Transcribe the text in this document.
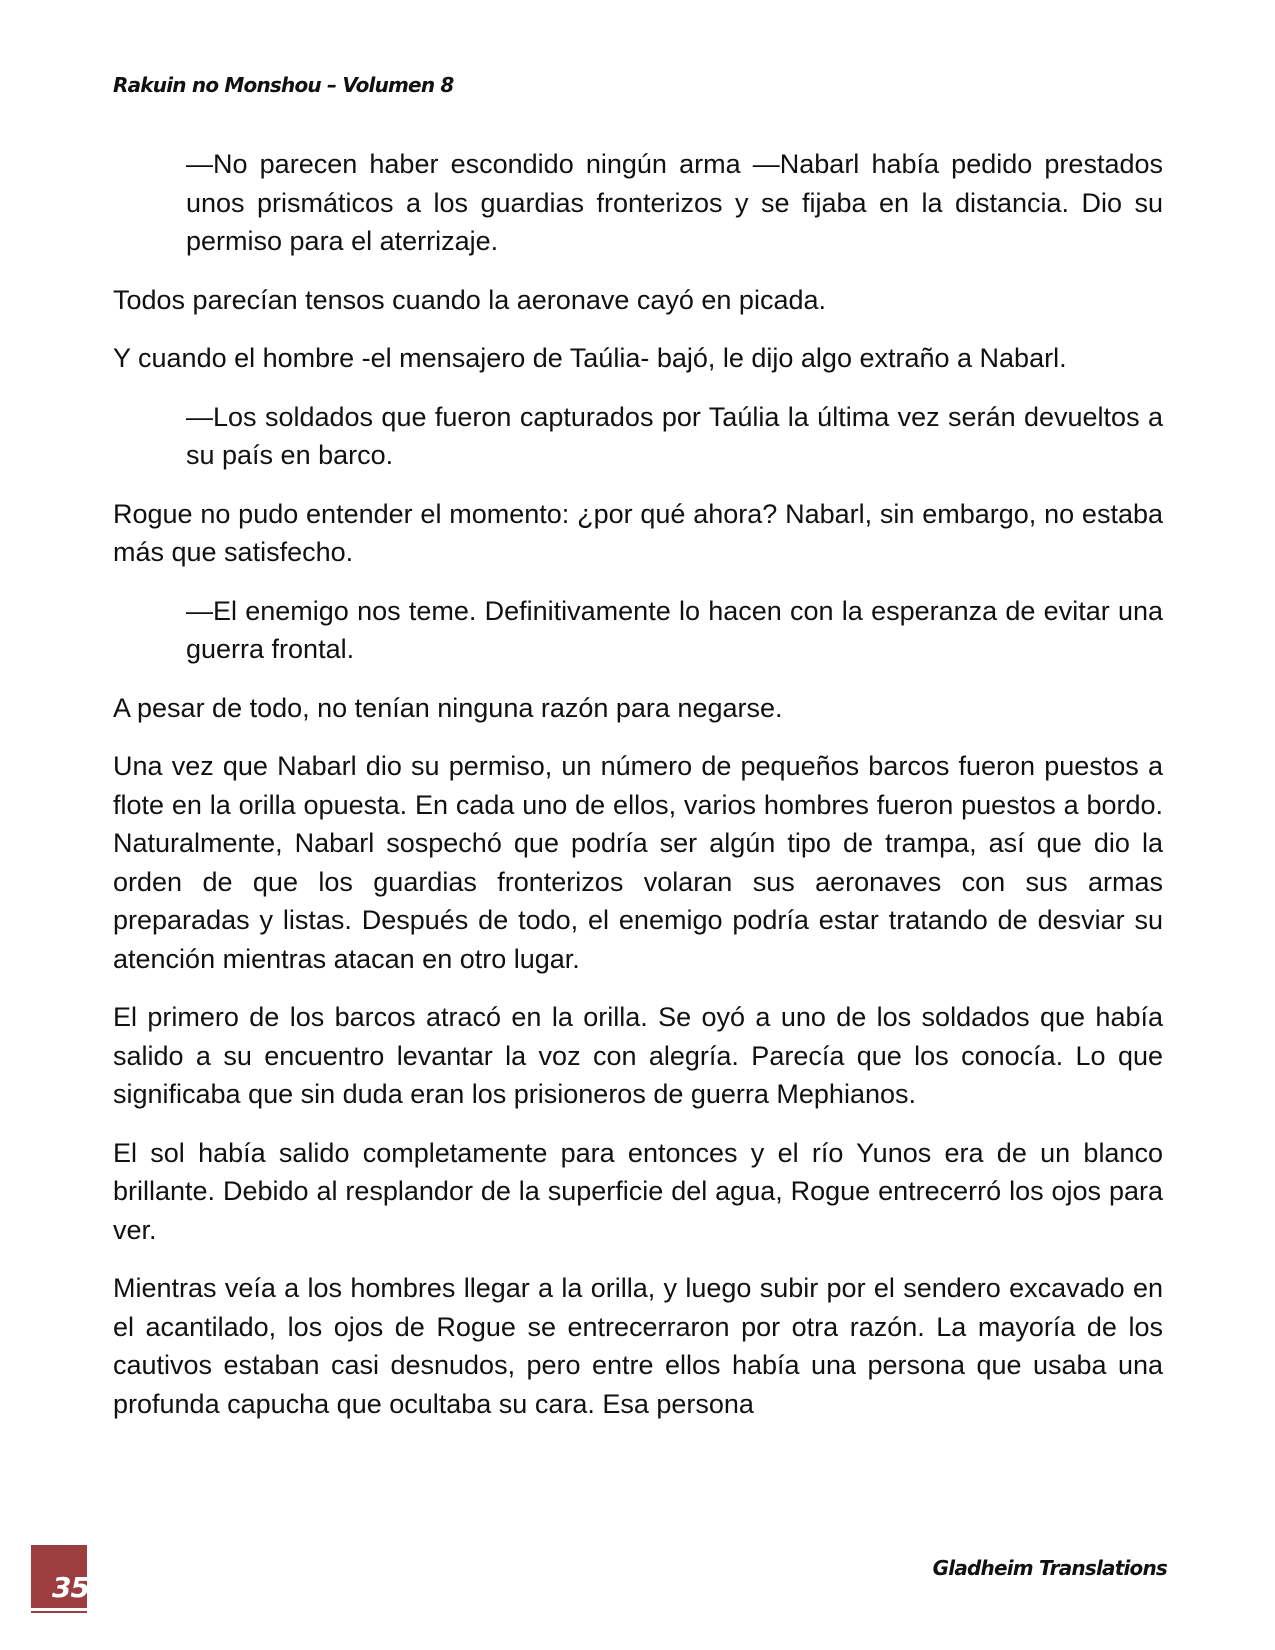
Rakuin no Monshou – Volumen 8

—No parecen haber escondido ningún arma —Nabarl había pedido prestados unos prismáticos a los guardias fronterizos y se fijaba en la distancia. Dio su permiso para el aterrizaje.

Todos parecían tensos cuando la aeronave cayó en picada.

Y cuando el hombre -el mensajero de Taúlia- bajó, le dijo algo extraño a Nabarl.

—Los soldados que fueron capturados por Taúlia la última vez serán devueltos a su país en barco.

Rogue no pudo entender el momento: ¿por qué ahora? Nabarl, sin embargo, no estaba más que satisfecho.

—El enemigo nos teme. Definitivamente lo hacen con la esperanza de evitar una guerra frontal.

A pesar de todo, no tenían ninguna razón para negarse.

Una vez que Nabarl dio su permiso, un número de pequeños barcos fueron puestos a flote en la orilla opuesta. En cada uno de ellos, varios hombres fueron puestos a bordo. Naturalmente, Nabarl sospechó que podría ser algún tipo de trampa, así que dio la orden de que los guardias fronterizos volaran sus aeronaves con sus armas preparadas y listas. Después de todo, el enemigo podría estar tratando de desviar su atención mientras atacan en otro lugar.

El primero de los barcos atracó en la orilla. Se oyó a uno de los soldados que había salido a su encuentro levantar la voz con alegría. Parecía que los conocía. Lo que significaba que sin duda eran los prisioneros de guerra Mephianos.

El sol había salido completamente para entonces y el río Yunos era de un blanco brillante. Debido al resplandor de la superficie del agua, Rogue entrecerró los ojos para ver.

Mientras veía a los hombres llegar a la orilla, y luego subir por el sendero excavado en el acantilado, los ojos de Rogue se entrecerraron por otra razón. La mayoría de los cautivos estaban casi desnudos, pero entre ellos había una persona que usaba una profunda capucha que ocultaba su cara. Esa persona

35
Gladheim Translations
